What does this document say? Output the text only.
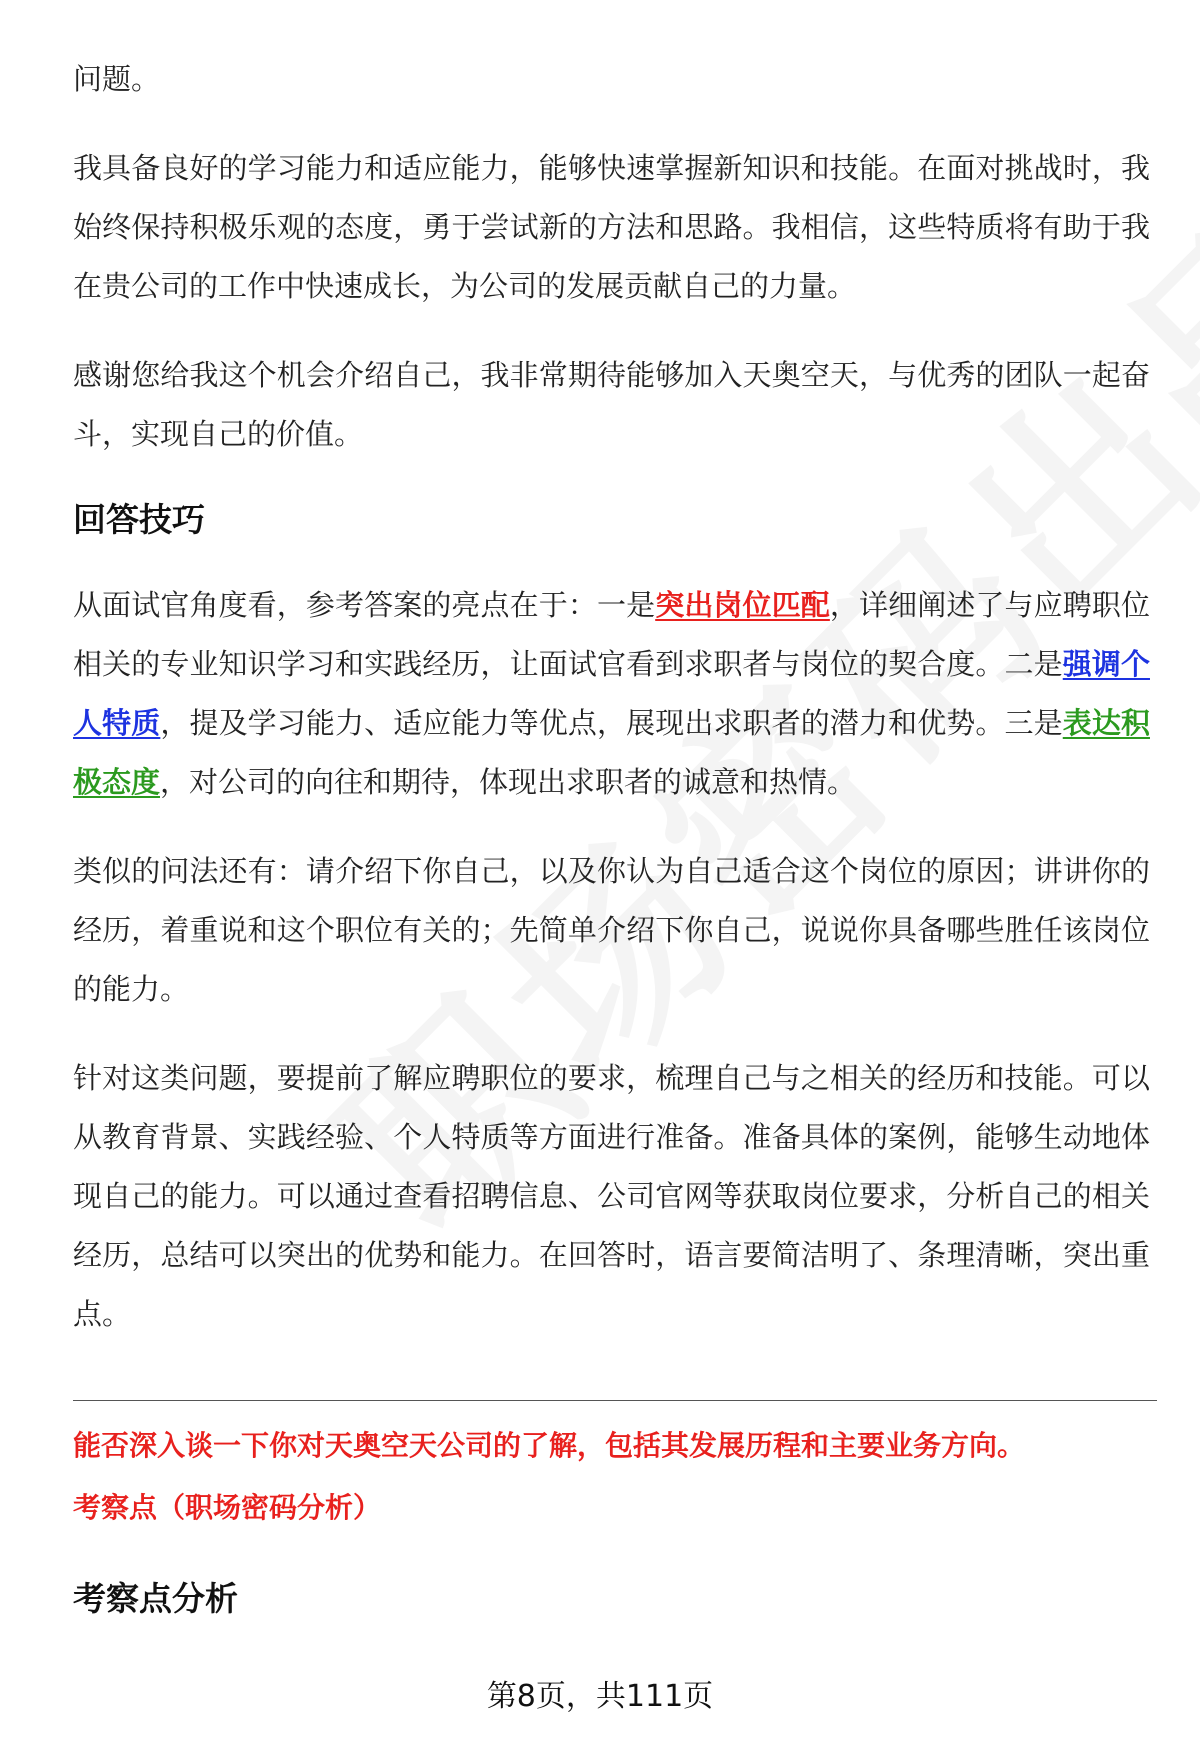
问题。

我具备良好的学习能力和适应能力，能够快速掌握新知识和技能。在面对挑战时，我始终保持积极乐观的态度，勇于尝试新的方法和思路。我相信，这些特质将有助于我在贵公司的工作中快速成长，为公司的发展贡献自己的力量。

感谢您给我这个机会介绍自己，我非常期待能够加入天奥空天，与优秀的团队一起奋斗，实现自己的价值。

回答技巧

从面试官角度看，参考答案的亮点在于：一是突出岗位匹配，详细阐述了与应聘职位相关的专业知识学习和实践经历，让面试官看到求职者与岗位的契合度。二是强调个人特质，提及学习能力、适应能力等优点，展现出求职者的潜力和优势。三是表达积极态度，对公司的向往和期待，体现出求职者的诚意和热情。

类似的问法还有：请介绍下你自己，以及你认为自己适合这个岗位的原因；讲讲你的经历，着重说和这个职位有关的；先简单介绍下你自己，说说你具备哪些胜任该岗位的能力。

针对这类问题，要提前了解应聘职位的要求，梳理自己与之相关的经历和技能。可以从教育背景、实践经验、个人特质等方面进行准备。准备具体的案例，能够生动地体现自己的能力。可以通过查看招聘信息、公司官网等获取岗位要求，分析自己的相关经历，总结可以突出的优势和能力。在回答时，语言要简洁明了、条理清晰，突出重点。

能否深入谈一下你对天奥空天公司的了解，包括其发展历程和主要业务方向。

考察点（职场密码分析）

考察点分析
第8页，共111页
